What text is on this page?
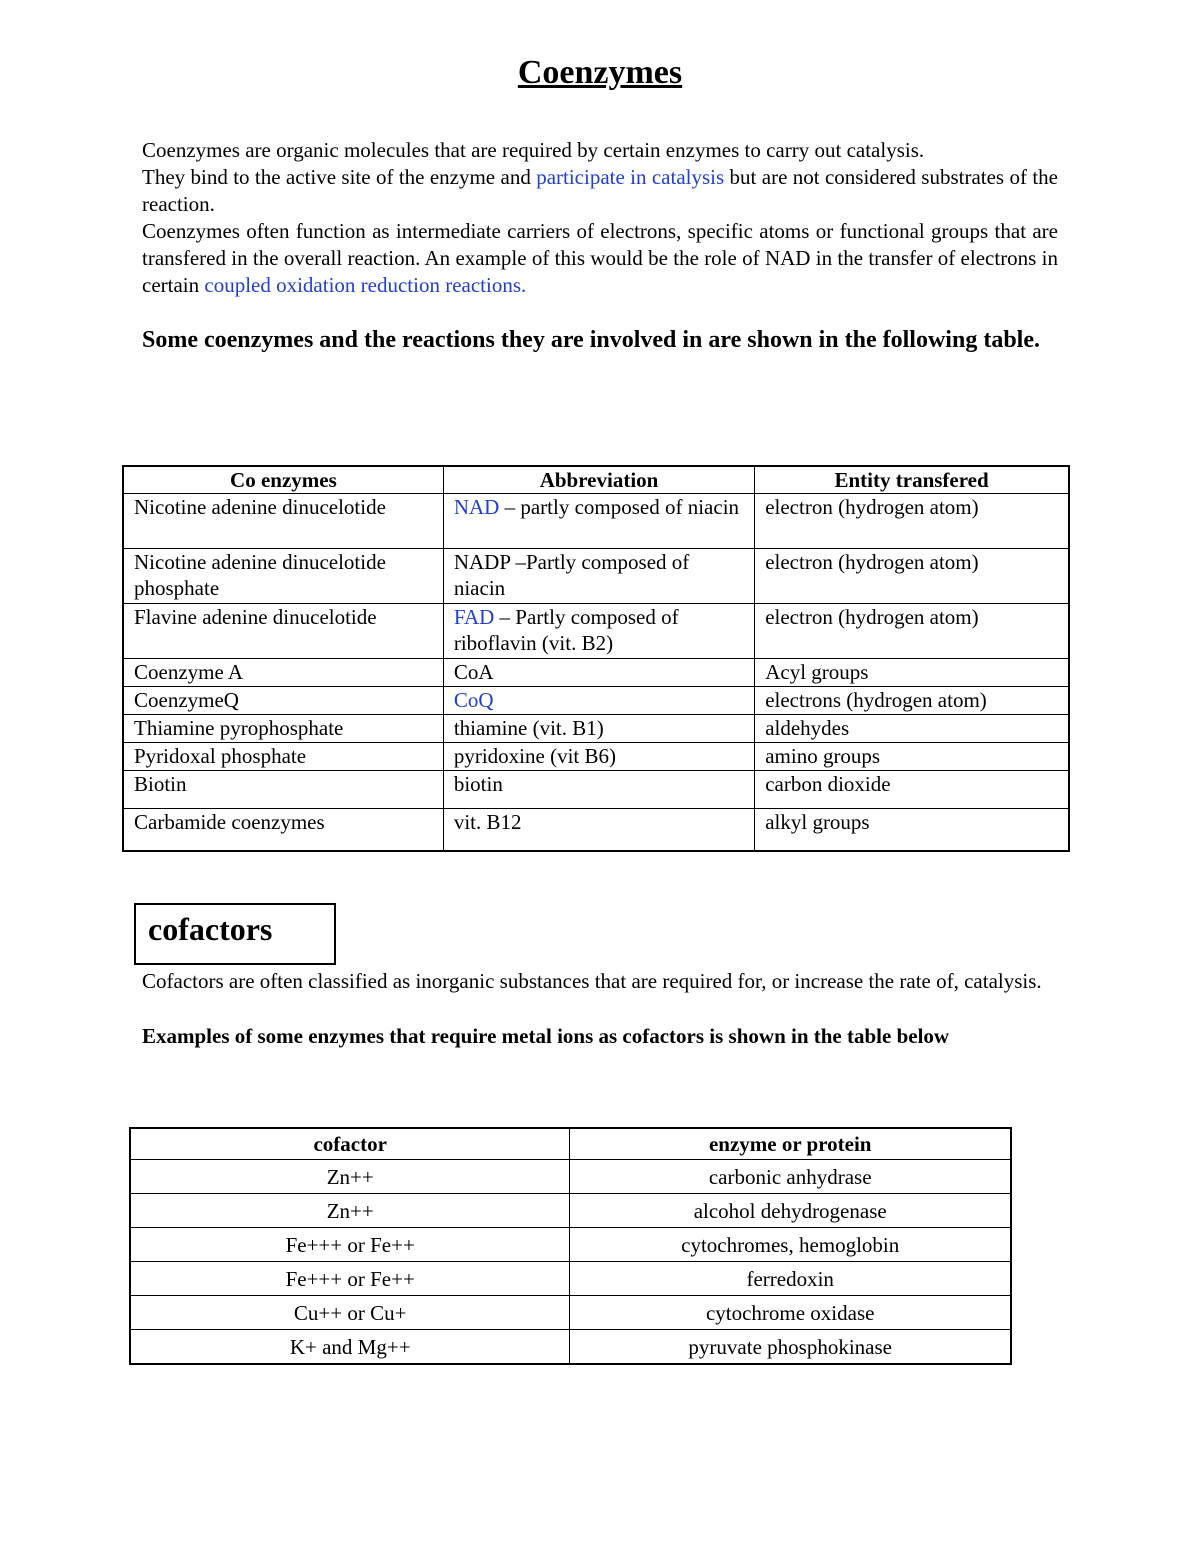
Coenzymes

Coenzymes are organic molecules that are required by certain enzymes to carry out catalysis.

They bind to the active site of the enzyme and participate in catalysis but are not considered substrates of the reaction.

Coenzymes often function as intermediate carriers of electrons, specific atoms or functional groups that are transfered in the overall reaction. An example of this would be the role of NAD in the transfer of electrons in certain coupled oxidation reduction reactions.

Some coenzymes and the reactions they are involved in are shown in the following table.

Co enzymes	Abbreviation	Entity transfered
Nicotine adenine dinucelotide	NAD – partly composed of niacin	electron (hydrogen atom)
Nicotine adenine dinucelotide phosphate	NADP –Partly composed of niacin	electron (hydrogen atom)
Flavine adenine dinucelotide	FAD – Partly composed of riboflavin (vit. B2)	electron (hydrogen atom)
Coenzyme A	CoA	Acyl groups
CoenzymeQ	CoQ	electrons (hydrogen atom)
Thiamine pyrophosphate	thiamine (vit. B1)	aldehydes
Pyridoxal phosphate	pyridoxine (vit B6)	amino groups
Biotin	biotin	carbon dioxide
Carbamide coenzymes	vit. B12	alkyl groups
cofactors

Cofactors are often classified as inorganic substances that are required for, or increase the rate of, catalysis.

Examples of some enzymes that require metal ions as cofactors is shown in the table below

cofactor	enzyme or protein
Zn++	carbonic anhydrase
Zn++	alcohol dehydrogenase
Fe+++ or Fe++	cytochromes, hemoglobin
Fe+++ or Fe++	ferredoxin
Cu++ or Cu+	cytochrome oxidase
K+ and Mg++	pyruvate phosphokinase
